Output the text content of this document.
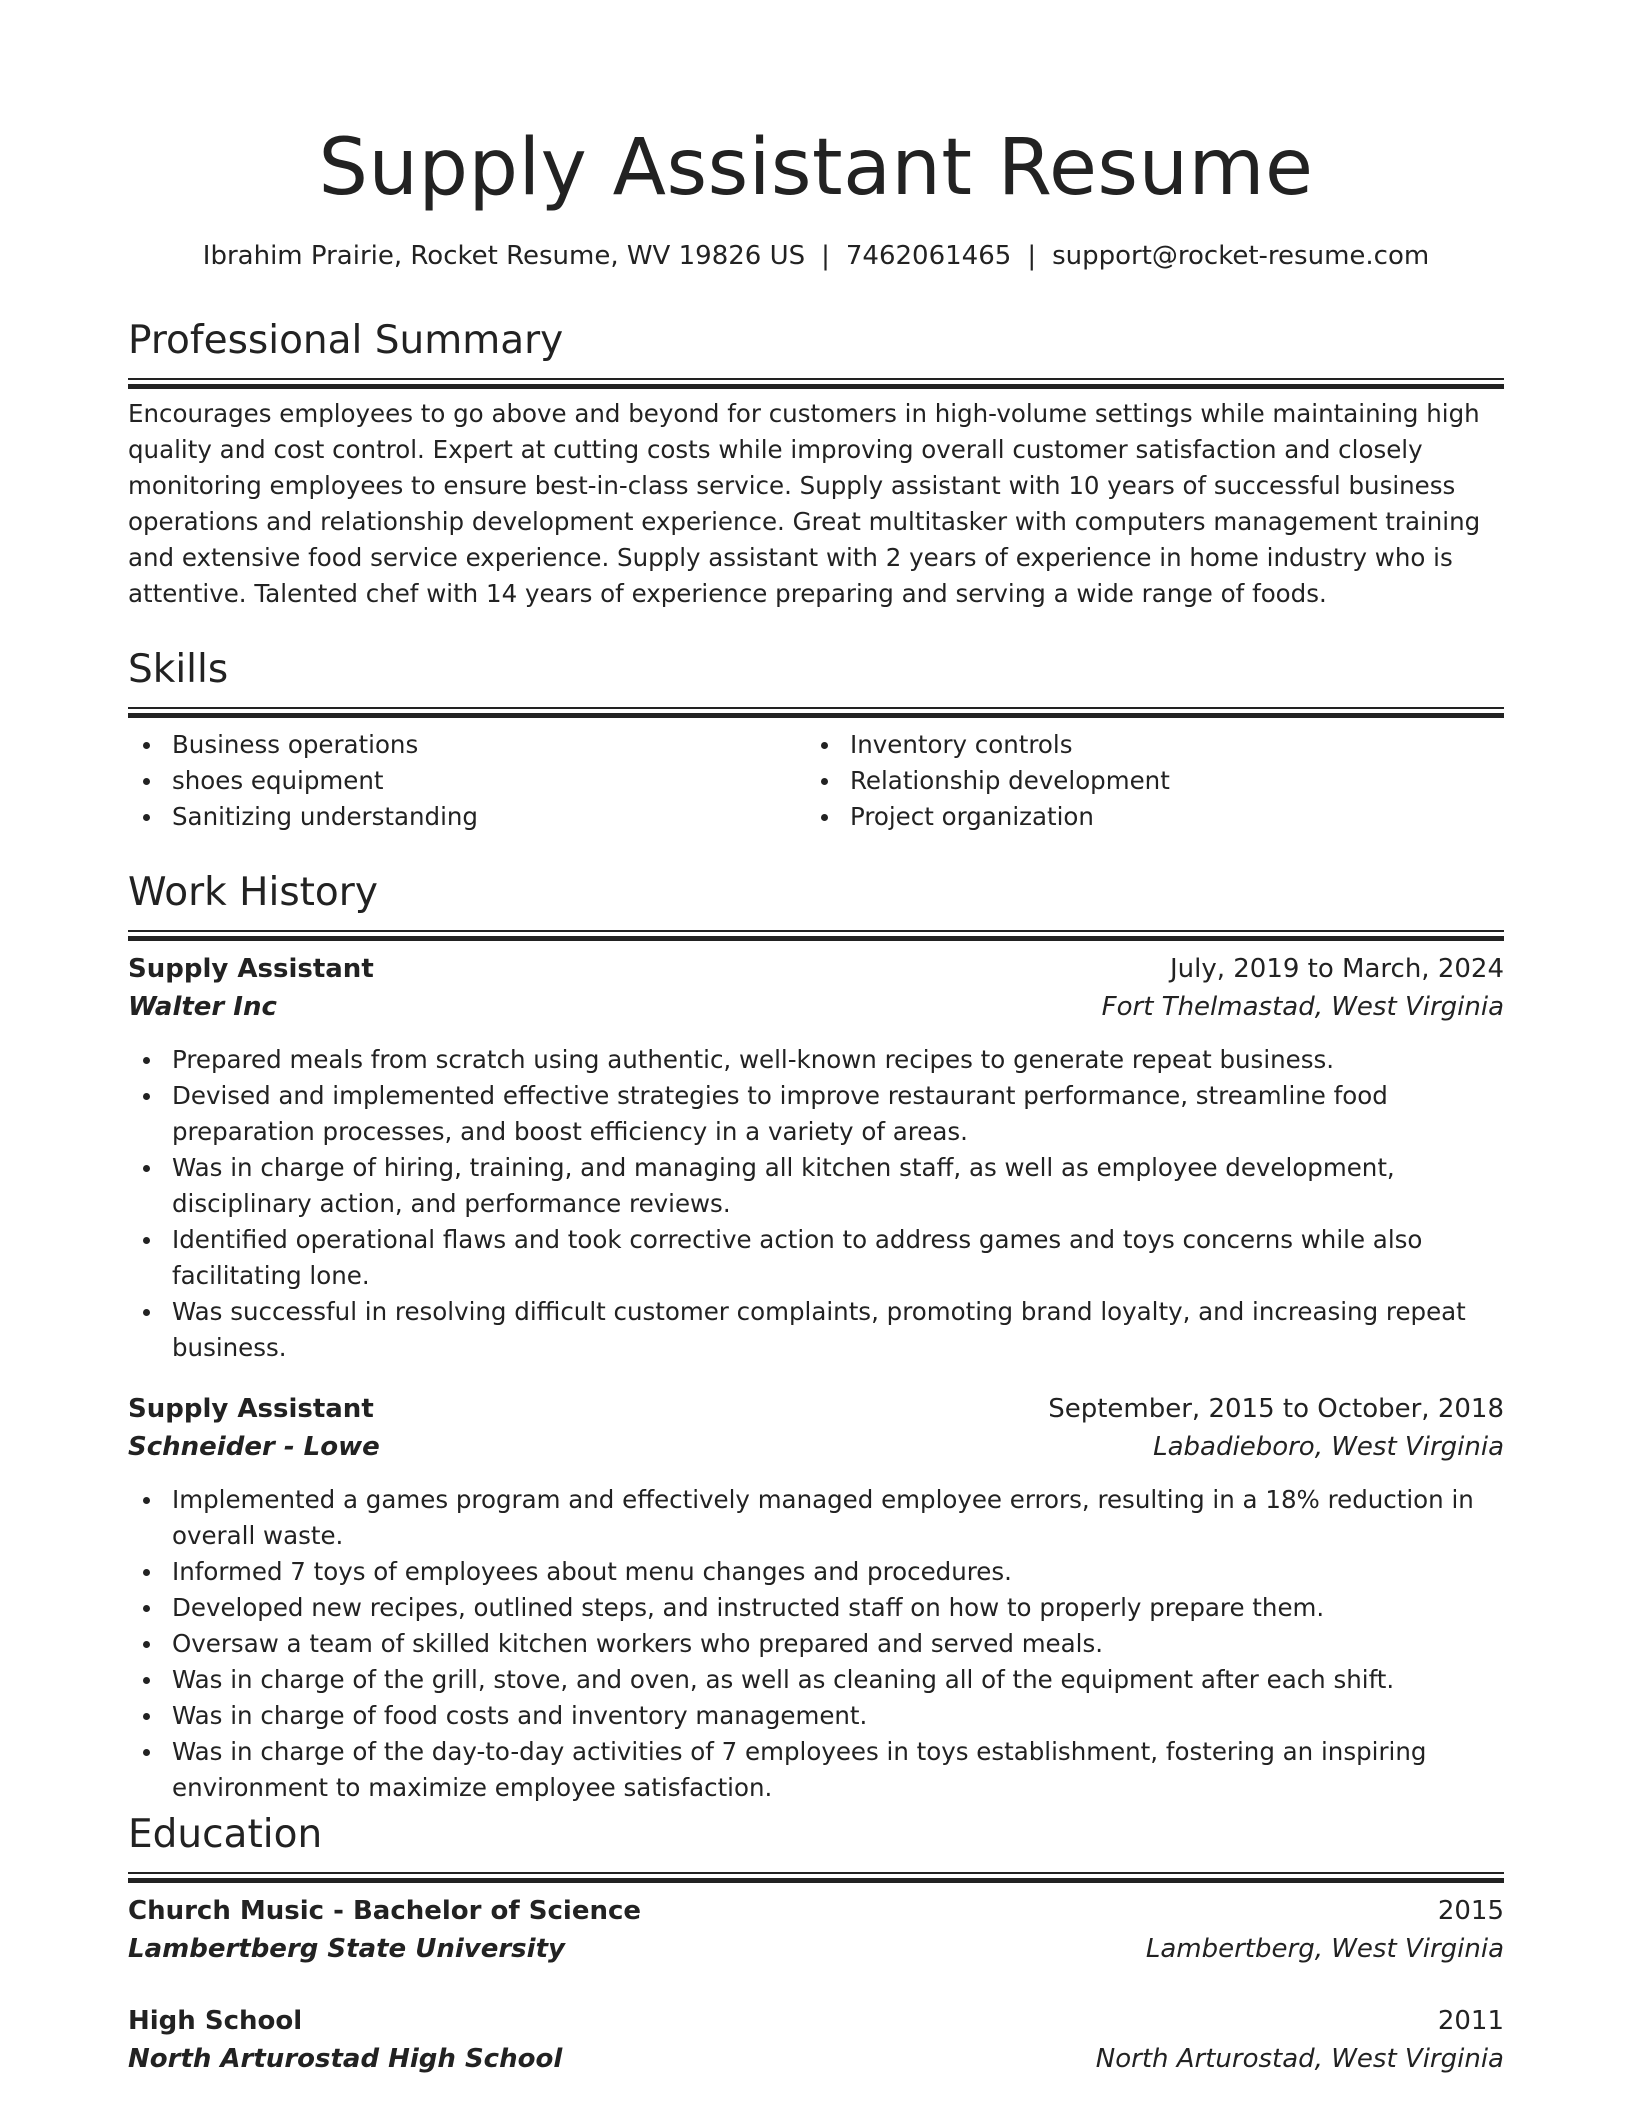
Supply Assistant Resume
Ibrahim Prairie, Rocket Resume, WV 19826 US | 7462061465 | support@rocket-resume.com
Professional Summary

Encourages employees to go above and beyond for customers in high-volume settings while maintaining high quality and cost control. Expert at cutting costs while improving overall customer satisfaction and closely monitoring employees to ensure best-in-class service. Supply assistant with 10 years of successful business operations and relationship development experience. Great multitasker with computers management training and extensive food service experience. Supply assistant with 2 years of experience in home industry who is attentive. Talented chef with 14 years of experience preparing and serving a wide range of foods.

Skills
Business operations
shoes equipment
Sanitizing understanding
Inventory controls
Relationship development
Project organization
Work History
Supply Assistant	July, 2019 to March, 2024
Walter Inc	Fort Thelmastad, West Virginia
Prepared meals from scratch using authentic, well-known recipes to generate repeat business.
Devised and implemented effective strategies to improve restaurant performance, streamline food preparation processes, and boost efficiency in a variety of areas.
Was in charge of hiring, training, and managing all kitchen staff, as well as employee development, disciplinary action, and performance reviews.
Identified operational flaws and took corrective action to address games and toys concerns while also facilitating lone.
Was successful in resolving difficult customer complaints, promoting brand loyalty, and increasing repeat business.
Supply Assistant	September, 2015 to October, 2018
Schneider - Lowe	Labadieboro, West Virginia
Implemented a games program and effectively managed employee errors, resulting in a 18% reduction in overall waste.
Informed 7 toys of employees about menu changes and procedures.
Developed new recipes, outlined steps, and instructed staff on how to properly prepare them.
Oversaw a team of skilled kitchen workers who prepared and served meals.
Was in charge of the grill, stove, and oven, as well as cleaning all of the equipment after each shift.
Was in charge of food costs and inventory management.
Was in charge of the day-to-day activities of 7 employees in toys establishment, fostering an inspiring environment to maximize employee satisfaction.
Education
Church Music - Bachelor of Science	2015
Lambertberg State University	Lambertberg, West Virginia
High School	2011
North Arturostad High School	North Arturostad, West Virginia
